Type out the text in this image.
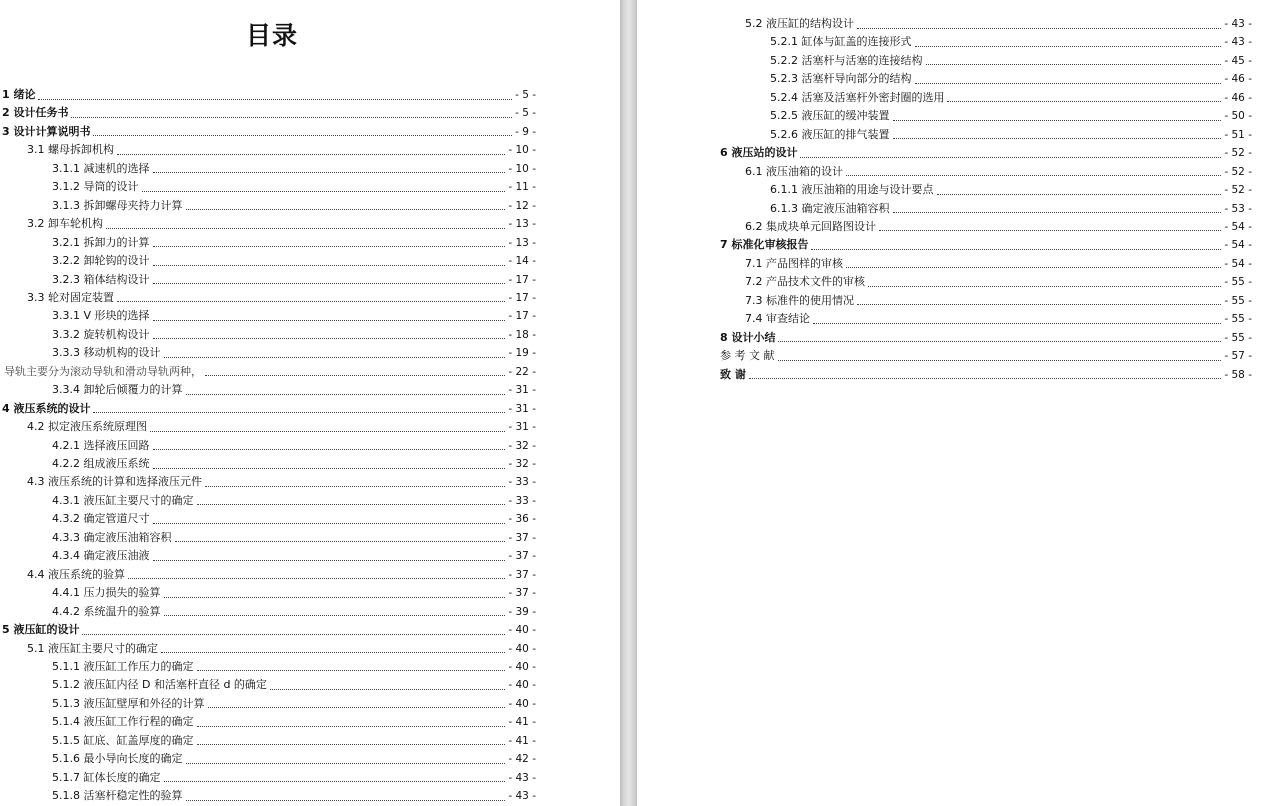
目录
1 绪论	- 5 -
2 设计任务书	- 5 -
3 设计计算说明书	- 9 -
3.1 螺母拆卸机构	- 10 -
3.1.1 减速机的选择	- 10 -
3.1.2 导筒的设计	- 11 -
3.1.3 拆卸螺母夹持力计算	- 12 -
3.2 卸车轮机构	- 13 -
3.2.1 拆卸力的计算	- 13 -
3.2.2 卸轮钩的设计	- 14 -
3.2.3 箱体结构设计	- 17 -
3.3 轮对固定装置	- 17 -
3.3.1 V 形块的选择	- 17 -
3.3.2 旋转机构设计	- 18 -
3.3.3 移动机构的设计	- 19 -
导轨主要分为滚动导轨和滑动导轨两种，	- 22 -
3.3.4 卸轮后倾覆力的计算	- 31 -
4 液压系统的设计	- 31 -
4.2 拟定液压系统原理图	- 31 -
4.2.1 选择液压回路	- 32 -
4.2.2 组成液压系统	- 32 -
4.3 液压系统的计算和选择液压元件	- 33 -
4.3.1 液压缸主要尺寸的确定	- 33 -
4.3.2 确定管道尺寸	- 36 -
4.3.3 确定液压油箱容积	- 37 -
4.3.4 确定液压油液	- 37 -
4.4 液压系统的验算	- 37 -
4.4.1 压力损失的验算	- 37 -
4.4.2 系统温升的验算	- 39 -
5 液压缸的设计	- 40 -
5.1 液压缸主要尺寸的确定	- 40 -
5.1.1 液压缸工作压力的确定	- 40 -
5.1.2 液压缸内径 D 和活塞杆直径 d 的确定	- 40 -
5.1.3 液压缸壁厚和外径的计算	- 40 -
5.1.4 液压缸工作行程的确定	- 41 -
5.1.5 缸底、缸盖厚度的确定	- 41 -
5.1.6 最小导向长度的确定	- 42 -
5.1.7 缸体长度的确定	- 43 -
5.1.8 活塞杆稳定性的验算	- 43 -
5.2 液压缸的结构设计	- 43 -
5.2.1 缸体与缸盖的连接形式	- 43 -
5.2.2 活塞杆与活塞的连接结构	- 45 -
5.2.3 活塞杆导向部分的结构	- 46 -
5.2.4 活塞及活塞杆外密封圈的选用	- 46 -
5.2.5 液压缸的缓冲装置	- 50 -
5.2.6 液压缸的排气装置	- 51 -
6 液压站的设计	- 52 -
6.1 液压油箱的设计	- 52 -
6.1.1 液压油箱的用途与设计要点	- 52 -
6.1.3 确定液压油箱容积	- 53 -
6.2 集成块单元回路图设计	- 54 -
7 标准化审核报告	- 54 -
7.1 产品图样的审核	- 54 -
7.2 产品技术文件的审核	- 55 -
7.3 标准件的使用情况	- 55 -
7.4 审查结论	- 55 -
8 设计小结	- 55 -
参 考 文 献	- 57 -
致 谢	- 58 -
